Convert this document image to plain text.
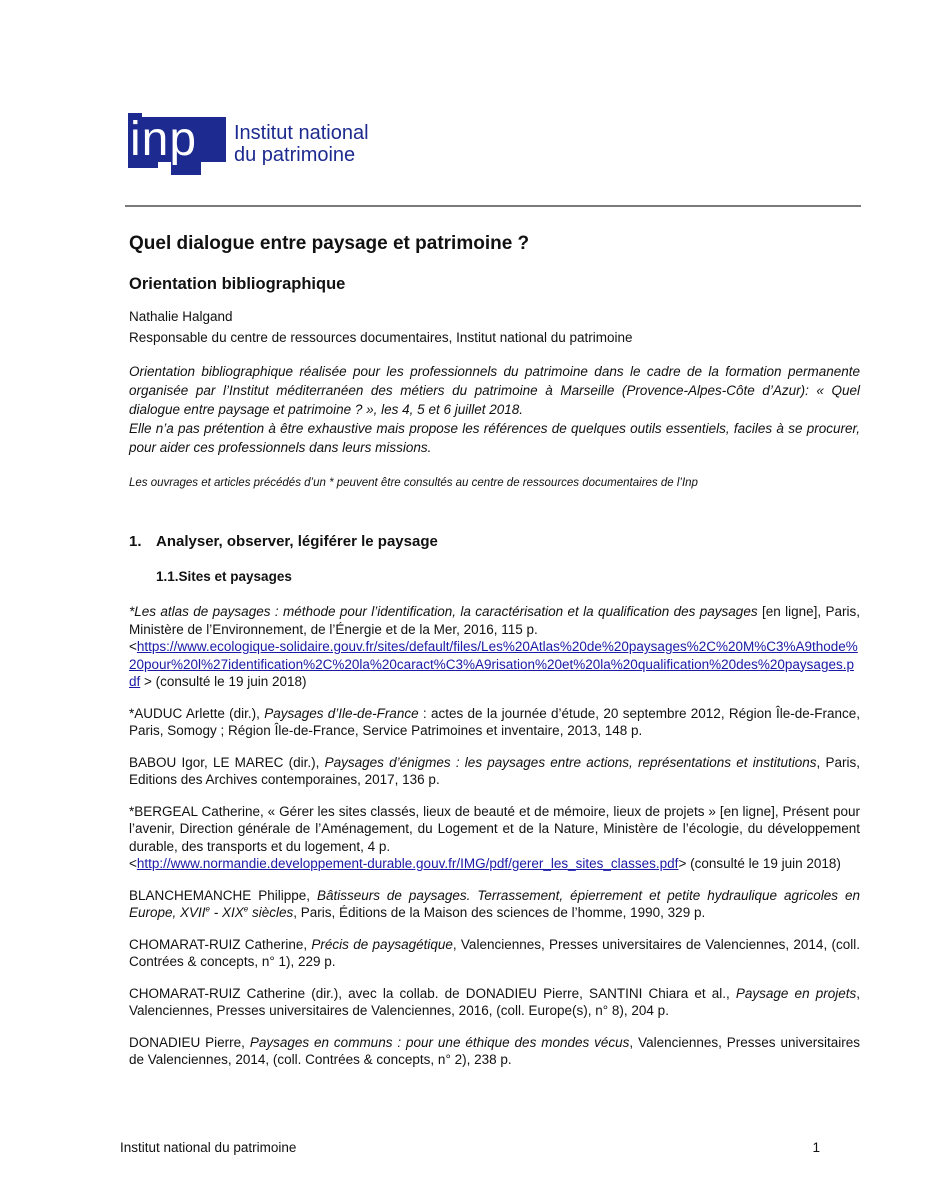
inp Institut national
du patrimoine
Quel dialogue entre paysage et patrimoine ?
Orientation bibliographique
Nathalie Halgand
Responsable du centre de ressources documentaires, Institut national du patrimoine
Orientation bibliographique réalisée pour les professionnels du patrimoine dans le cadre de la formation permanente organisée par l’Institut méditerranéen des métiers du patrimoine à Marseille (Provence-Alpes-Côte d’Azur): « Quel dialogue entre paysage et patrimoine ? », les 4, 5 et 6 juillet 2018.
Elle n’a pas prétention à être exhaustive mais propose les références de quelques outils essentiels, faciles à se procurer, pour aider ces professionnels dans leurs missions.
Les ouvrages et articles précédés d’un * peuvent être consultés au centre de ressources documentaires de l’Inp
1. Analyser, observer, légiférer le paysage
1.1.Sites et paysages
*Les atlas de paysages : méthode pour l’identification, la caractérisation et la qualification des paysages [en ligne], Paris, Ministère de l’Environnement, de l’Énergie et de la Mer, 2016, 115 p.
<https://www.ecologique-solidaire.gouv.fr/sites/default/files/Les%20Atlas%20de%20paysages%2C%20M%C3%A9thode%20pour%20l%27identification%2C%20la%20caract%C3%A9risation%20et%20la%20qualification%20des%20paysages.pdf > (consulté le 19 juin 2018)
*AUDUC Arlette (dir.), Paysages d’Ile-de-France : actes de la journée d’étude, 20 septembre 2012, Région Île-de-France, Paris, Somogy ; Région Île-de-France, Service Patrimoines et inventaire, 2013, 148 p.
BABOU Igor, LE MAREC (dir.), Paysages d’énigmes : les paysages entre actions, représentations et institutions, Paris, Editions des Archives contemporaines, 2017, 136 p.
*BERGEAL Catherine, « Gérer les sites classés, lieux de beauté et de mémoire, lieux de projets » [en ligne], Présent pour l’avenir, Direction générale de l’Aménagement, du Logement et de la Nature, Ministère de l’écologie, du développement durable, des transports et du logement, 4 p.
<http://www.normandie.developpement-durable.gouv.fr/IMG/pdf/gerer_les_sites_classes.pdf> (consulté le 19 juin 2018)
BLANCHEMANCHE Philippe, Bâtisseurs de paysages. Terrassement, épierrement et petite hydraulique agricoles en Europe, XVIIe - XIXe siècles, Paris, Éditions de la Maison des sciences de l’homme, 1990, 329 p.
CHOMARAT-RUIZ Catherine, Précis de paysagétique, Valenciennes, Presses universitaires de Valenciennes, 2014, (coll. Contrées & concepts, n° 1), 229 p.
CHOMARAT-RUIZ Catherine (dir.), avec la collab. de DONADIEU Pierre, SANTINI Chiara et al., Paysage en projets, Valenciennes, Presses universitaires de Valenciennes, 2016, (coll. Europe(s), n° 8), 204 p.
DONADIEU Pierre, Paysages en communs : pour une éthique des mondes vécus, Valenciennes, Presses universitaires de Valenciennes, 2014, (coll. Contrées & concepts, n° 2), 238 p.
Institut national du patrimoine	1
